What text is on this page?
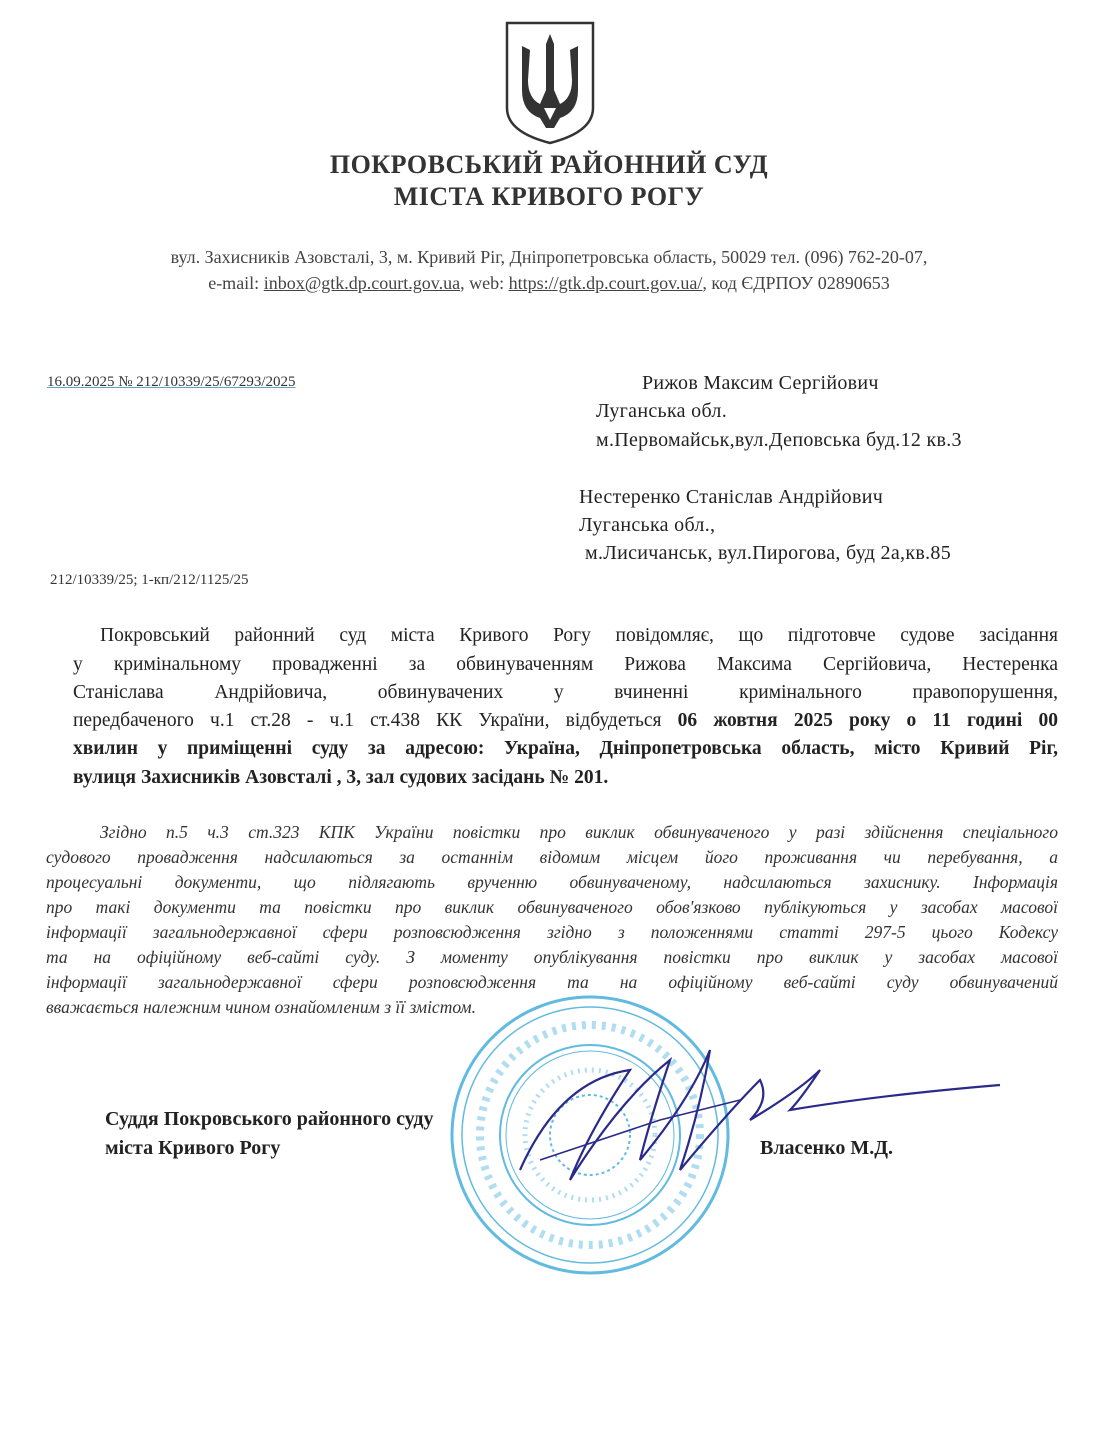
ПОКРОВСЬКИЙ РАЙОННИЙ СУД
МІСТА КРИВОГО РОГУ
вул. Захисників Азовсталі, 3, м. Кривий Ріг, Дніпропетровська область, 50029 тел. (096) 762-20-07,
e-mail: inbox@gtk.dp.court.gov.ua, web: https://gtk.dp.court.gov.ua/, код ЄДРПОУ 02890653
16.09.2025 № 212/10339/25/67293/2025	Рижов Максим Сергійович
Луганська обл.
м.Первомайськ,вул.Деповська буд.12 кв.3
Нестеренко Станіслав Андрійович
Луганська обл.,
м.Лисичанськ, вул.Пирогова, буд 2а,кв.85
212/10339/25; 1-кп/212/1125/25
Покровський районний суд міста Кривого Рогу повідомляє, що підготовче судове засідання
у кримінальному провадженні за обвинуваченням Рижова Максима Сергійовича, Нестеренка
Станіслава Андрійовича, обвинувачених у вчиненні кримінального правопорушення,
передбаченого ч.1 ст.28 - ч.1 ст.438 КК України, відбудеться 06 жовтня 2025 року о 11 годині 00
хвилин у приміщенні суду за адресою: Україна, Дніпропетровська область, місто Кривий Ріг,
вулиця Захисників Азовсталі , 3, зал судових засідань № 201.
Згідно п.5 ч.3 ст.323 КПК України повістки про виклик обвинуваченого у разі здійснення спеціального
судового провадження надсилаються за останнім відомим місцем його проживання чи перебування, а
процесуальні документи, що підлягають врученню обвинуваченому, надсилаються захиснику. Інформація
про такі документи та повістки про виклик обвинуваченого обов'язково публікуються у засобах масової
інформації загальнодержавної сфери розповсюдження згідно з положеннями статті 297-5 цього Кодексу
та на офіційному веб-сайті суду. З моменту опублікування повістки про виклик у засобах масової
інформації загальнодержавної сфери розповсюдження та на офіційному веб-сайті суду обвинувачений
вважається належним чином ознайомленим з її змістом.
Суддя Покровського районного суду
міста Кривого Рогу	Власенко М.Д.
